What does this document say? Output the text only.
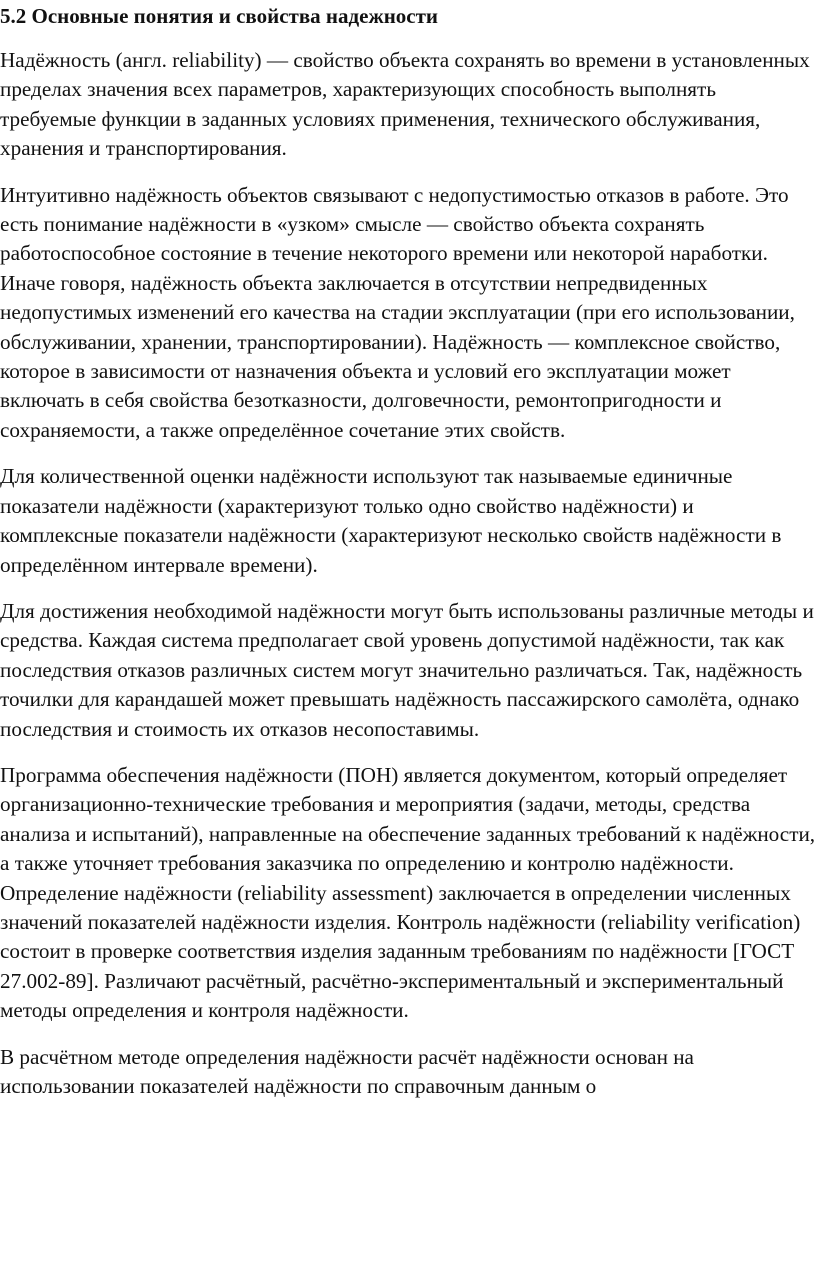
5.2 Основные понятия и свойства надежности

Надёжность (англ. reliability) — свойство объекта сохранять во времени в установленных пределах значения всех параметров, характеризующих способность выполнять требуемые функции в заданных условиях применения, технического обслуживания, хранения и транспортирования.

Интуитивно надёжность объектов связывают с недопустимостью отказов в работе. Это есть понимание надёжности в «узком» смысле — свойство объекта сохранять работоспособное состояние в течение некоторого времени или некоторой наработки. Иначе говоря, надёжность объекта заключается в отсутствии непредвиденных недопустимых изменений его качества на стадии эксплуатации (при его использовании, обслуживании, хранении, транспортировании). Надёжность — комплексное свойство, которое в зависимости от назначения объекта и условий его эксплуатации может включать в себя свойства безотказности, долговечности, ремонтопригодности и сохраняемости, а также определённое сочетание этих свойств.

Для количественной оценки надёжности используют так называемые единичные показатели надёжности (характеризуют только одно свойство надёжности) и комплексные показатели надёжности (характеризуют несколько свойств надёжности в определённом интервале времени).

Для достижения необходимой надёжности могут быть использованы различные методы и средства. Каждая система предполагает свой уровень допустимой надёжности, так как последствия отказов различных систем могут значительно различаться. Так, надёжность точилки для карандашей может превышать надёжность пассажирского самолёта, однако последствия и стоимость их отказов несопоставимы.

Программа обеспечения надёжности (ПОН) является документом, который определяет организационно-технические требования и мероприятия (задачи, методы, средства анализа и испытаний), направленные на обеспечение заданных требований к надёжности, а также уточняет требования заказчика по определению и контролю надёжности. Определение надёжности (reliability assessment) заключается в определении численных значений показателей надёжности изделия. Контроль надёжности (reliability verification) состоит в проверке соответствия изделия заданным требованиям по надёжности [ГОСТ 27.002-89]. Различают расчётный, расчётно-экспериментальный и экспериментальный методы определения и контроля надёжности.

В расчётном методе определения надёжности расчёт надёжности основан на использовании показателей надёжности по справочным данным о
